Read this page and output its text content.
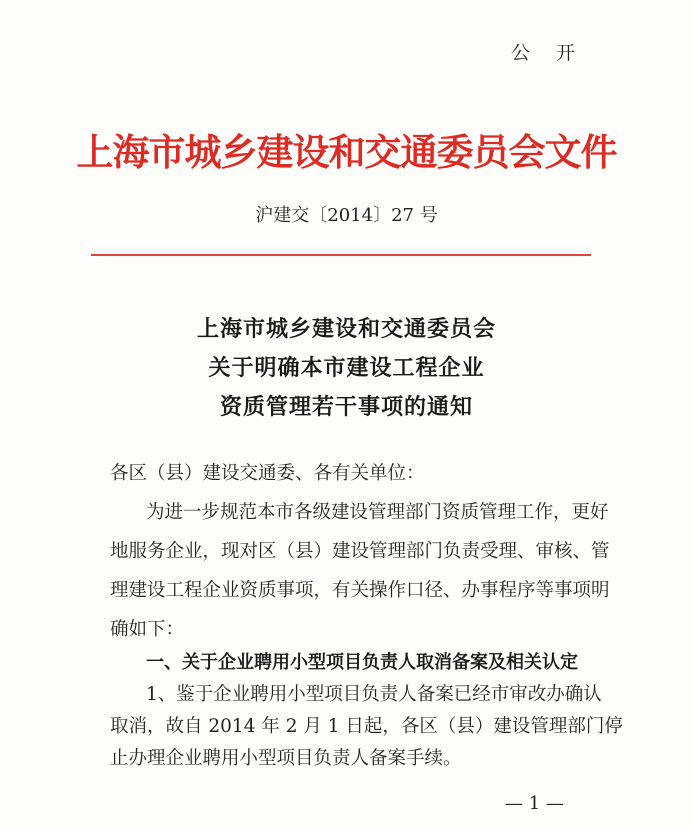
公 开
上海市城乡建设和交通委员会文件
沪建交〔2014〕27 号
上海市城乡建设和交通委员会
关于明确本市建设工程企业
资质管理若干事项的通知
各区（县）建设交通委、各有关单位：
为进一步规范本市各级建设管理部门资质管理工作，更好
地服务企业，现对区（县）建设管理部门负责受理、审核、管
理建设工程企业资质事项，有关操作口径、办事程序等事项明
确如下：
一、关于企业聘用小型项目负责人取消备案及相关认定
1、鉴于企业聘用小型项目负责人备案已经市审改办确认
取消，故自 2014 年 2 月 1 日起，各区（县）建设管理部门停
止办理企业聘用小型项目负责人备案手续。
— 1 —
